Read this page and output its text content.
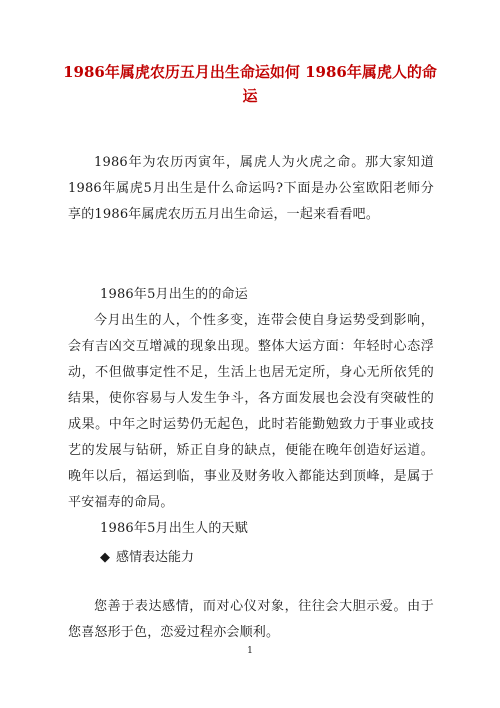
1986年属虎农历五月出生命运如何 1986年属虎人的命运
1986年为农历丙寅年，属虎人为火虎之命。那大家知道1986年属虎5月出生是什么命运吗?下面是办公室欧阳老师分享的1986年属虎农历五月出生命运，一起来看看吧。
1986年5月出生的的命运
今月出生的人，个性多变，连带会使自身运势受到影响，会有吉凶交互增减的现象出现。整体大运方面：年轻时心态浮动，不但做事定性不足，生活上也居无定所，身心无所依凭的结果，使你容易与人发生争斗，各方面发展也会没有突破性的成果。中年之时运势仍无起色，此时若能勤勉致力于事业或技艺的发展与钻研，矫正自身的缺点，便能在晚年创造好运道。晚年以后，福运到临，事业及财务收入都能达到顶峰，是属于平安福寿的命局。
1986年5月出生人的天赋
◆ 感情表达能力
您善于表达感情，而对心仪对象，往往会大胆示爱。由于您喜怒形于色，恋爱过程亦会顺利。
1
